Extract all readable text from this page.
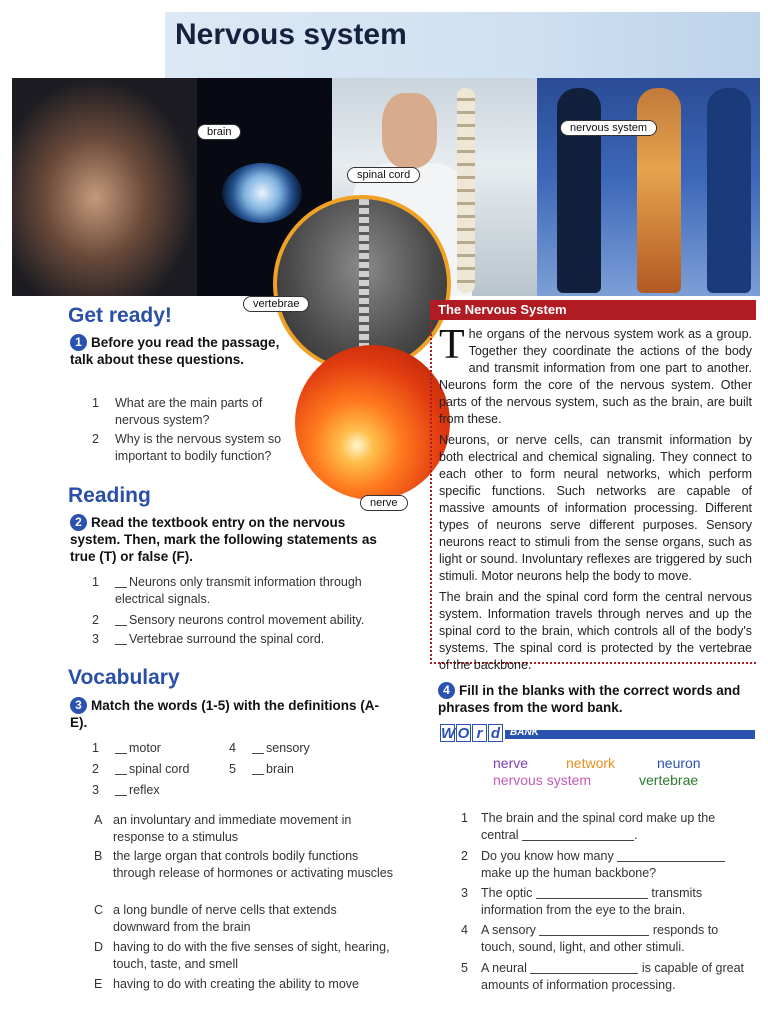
Nervous system
brain
spinal cord
nervous system
vertebrae
nerve
Get ready!
1 Before you read the passage, talk about these questions.
1	What are the main parts of nervous system?
2	Why is the nervous system so important to bodily function?
Reading
2 Read the textbook entry on the nervous system. Then, mark the following statements as true (T) or false (F).
1	Neurons only transmit information through electrical signals.
2	Sensory neurons control movement ability.
3	Vertebrae surround the spinal cord.
Vocabulary
3 Match the words (1-5) with the definitions (A-E).
1	motor
2	spinal cord
3	reflex
4	sensory
5	brain
A an involuntary and immediate movement in response to a stimulus
B the large organ that controls bodily functions through release of hormones or activating muscles
C a long bundle of nerve cells that extends downward from the brain
D having to do with the five senses of sight, hearing, touch, taste, and smell
E having to do with creating the ability to move
The Nervous System

The organs of the nervous system work as a group. Together they coordinate the actions of the body and transmit information from one part to another. Neurons form the core of the nervous system. Other parts of the nervous system, such as the brain, are built from these.

Neurons, or nerve cells, can transmit information by both electrical and chemical signaling. They connect to each other to form neural networks, which perform specific functions. Such networks are capable of massive amounts of information processing. Different types of neurons serve different purposes. Sensory neurons react to stimuli from the sense organs, such as light or sound. Involuntary reflexes are triggered by such stimuli. Motor neurons help the body to move.

The brain and the spinal cord form the central nervous system. Information travels through nerves and up the spinal cord to the brain, which controls all of the body's systems. The spinal cord is protected by the vertebrae of the backbone.

4 Fill in the blanks with the correct words and phrases from the word bank.
BANK
W O r d
nerve	network	neuron
nervous system	vertebrae
1	The brain and the spinal cord make up the central	.
2	Do you know how many  make up the human backbone?
3	The optic	transmits information from the eye to the brain.
4	A sensory	responds to touch, sound, light, and other stimuli.
5	A neural	is capable of great amounts of information processing.
